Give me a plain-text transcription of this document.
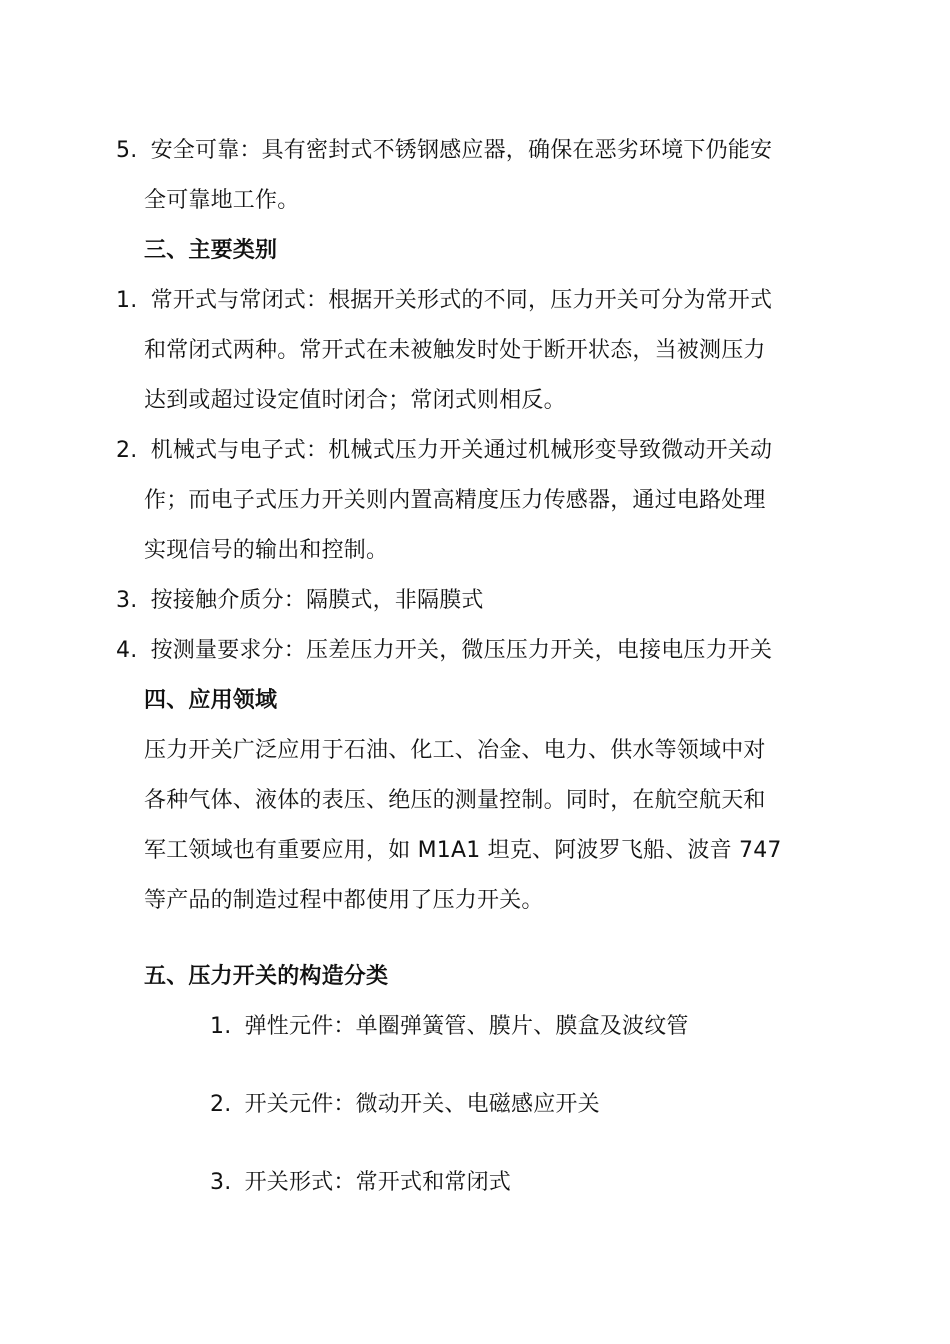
5. 安全可靠：具有密封式不锈钢感应器，确保在恶劣环境下仍能安
全可靠地工作。
三、主要类别
1. 常开式与常闭式：根据开关形式的不同，压力开关可分为常开式
和常闭式两种。常开式在未被触发时处于断开状态，当被测压力
达到或超过设定值时闭合；常闭式则相反。
2. 机械式与电子式：机械式压力开关通过机械形变导致微动开关动
作；而电子式压力开关则内置高精度压力传感器，通过电路处理
实现信号的输出和控制。
3. 按接触介质分：隔膜式，非隔膜式
4. 按测量要求分：压差压力开关，微压压力开关，电接电压力开关
四、应用领域
压力开关广泛应用于石油、化工、冶金、电力、供水等领域中对
各种气体、液体的表压、绝压的测量控制。同时，在航空航天和
军工领域也有重要应用，如 M1A1 坦克、阿波罗飞船、波音 747
等产品的制造过程中都使用了压力开关。
五、压力开关的构造分类
1. 弹性元件：单圈弹簧管、膜片、膜盒及波纹管
2. 开关元件：微动开关、电磁感应开关
3. 开关形式：常开式和常闭式
